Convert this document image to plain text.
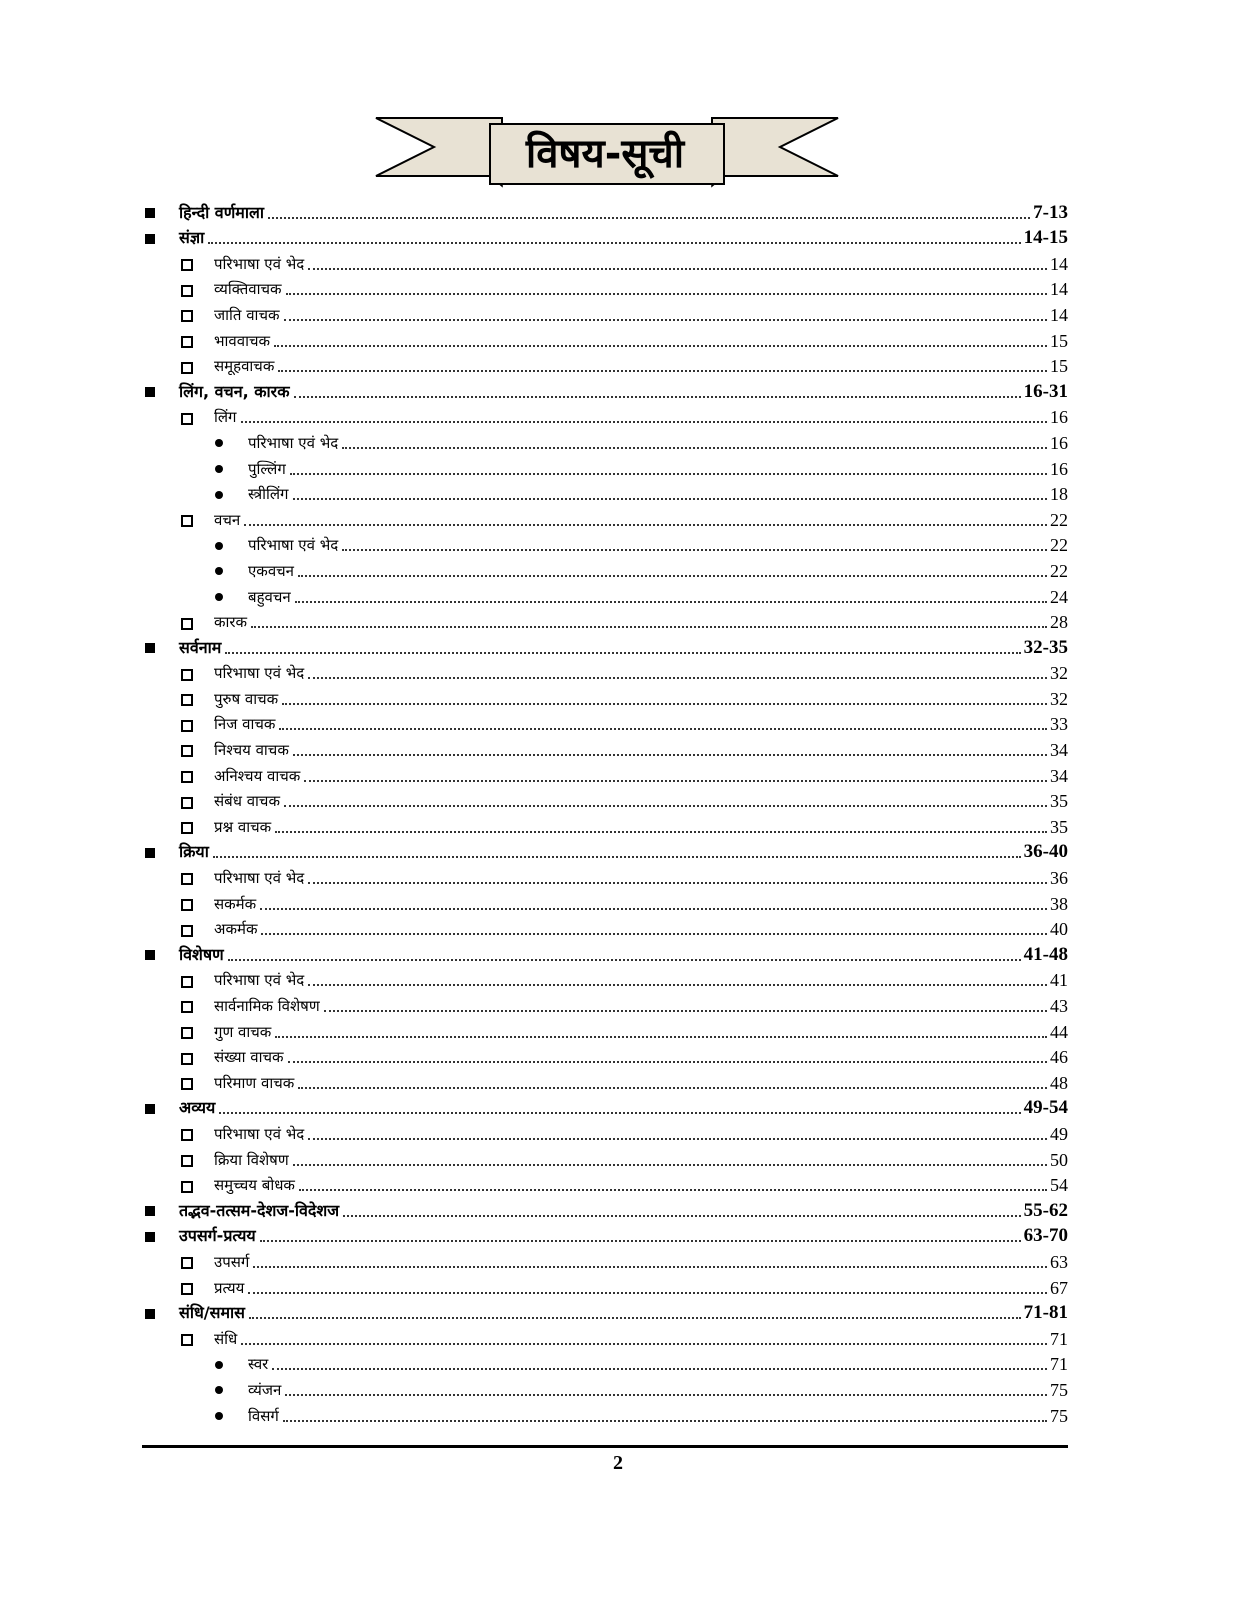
विषय-सूची
हिन्दी वर्णमाला	7-13
संज्ञा	14-15
परिभाषा एवं भेद	14
व्यक्तिवाचक	14
जाति वाचक	14
भाववाचक	15
समूहवाचक	15
लिंग, वचन, कारक	16-31
लिंग	16
परिभाषा एवं भेद	16
पुल्लिंग	16
स्त्रीलिंग	18
वचन	22
परिभाषा एवं भेद	22
एकवचन	22
बहुवचन	24
कारक	28
सर्वनाम	32-35
परिभाषा एवं भेद	32
पुरुष वाचक	32
निज वाचक	33
निश्चय वाचक	34
अनिश्चय वाचक	34
संबंध वाचक	35
प्रश्न वाचक	35
क्रिया	36-40
परिभाषा एवं भेद	36
सकर्मक	38
अकर्मक	40
विशेषण	41-48
परिभाषा एवं भेद	41
सार्वनामिक विशेषण	43
गुण वाचक	44
संख्या वाचक	46
परिमाण वाचक	48
अव्यय	49-54
परिभाषा एवं भेद	49
क्रिया विशेषण	50
समुच्चय बोधक	54
तद्भव-तत्सम-देशज-विदेशज	55-62
उपसर्ग-प्रत्यय	63-70
उपसर्ग	63
प्रत्यय	67
संधि/समास	71-81
संधि	71
स्वर	71
व्यंजन	75
विसर्ग	75
2
